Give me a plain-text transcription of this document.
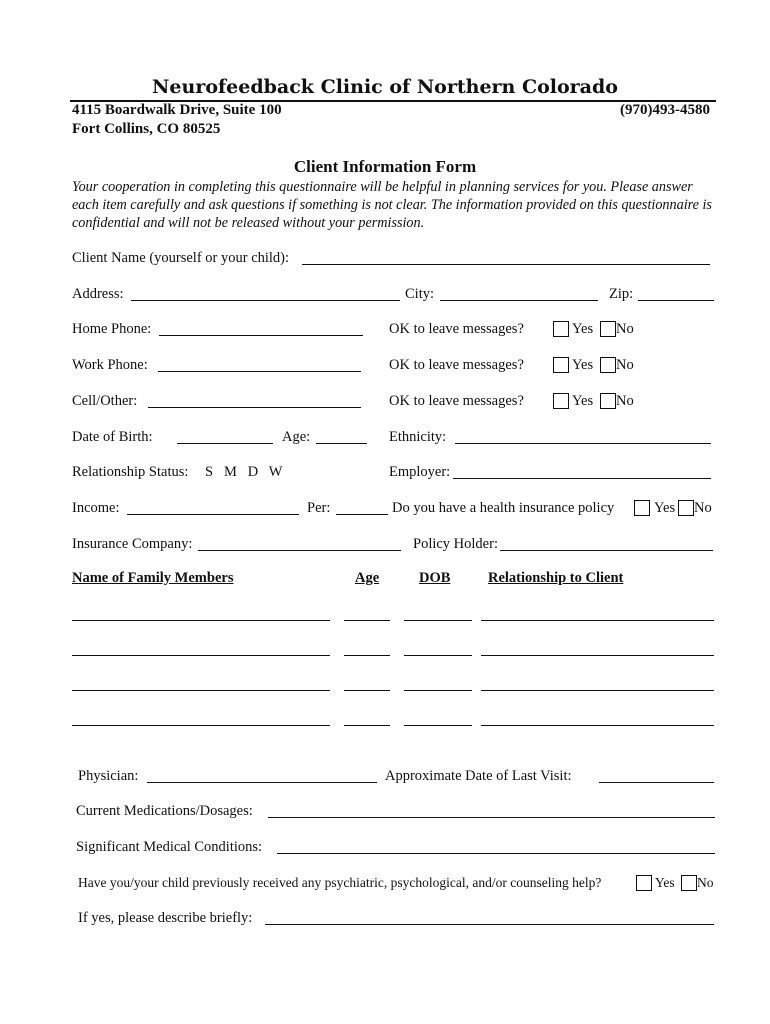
Neurofeedback Clinic of Northern Colorado
4115 Boardwalk Drive, Suite 100
Fort Collins, CO 80525
(970)493-4580
Client Information Form
Your cooperation in completing this questionnaire will be helpful in planning services for you. Please answer each item carefully and ask questions if something is not clear. The information provided on this questionnaire is confidential and will not be released without your permission.
Client Name (yourself or your child):
Address:	City:	Zip:
Home Phone:	OK to leave messages?	Yes No
Work Phone:	OK to leave messages?	Yes No
Cell/Other:	OK to leave messages?	Yes No
Date of Birth:	Age:	Ethnicity:
Relationship Status: S   M   D   W	Employer:
Income:	Per:	Do you have a health insurance policy	Yes No
Insurance Company:	Policy Holder:
Name of Family Members	Age	DOB	Relationship to Client
Physician:	Approximate Date of Last Visit:
Current Medications/Dosages:
Significant Medical Conditions:
Have you/your child previously received any psychiatric, psychological, and/or counseling help?	Yes No
If yes, please describe briefly:
